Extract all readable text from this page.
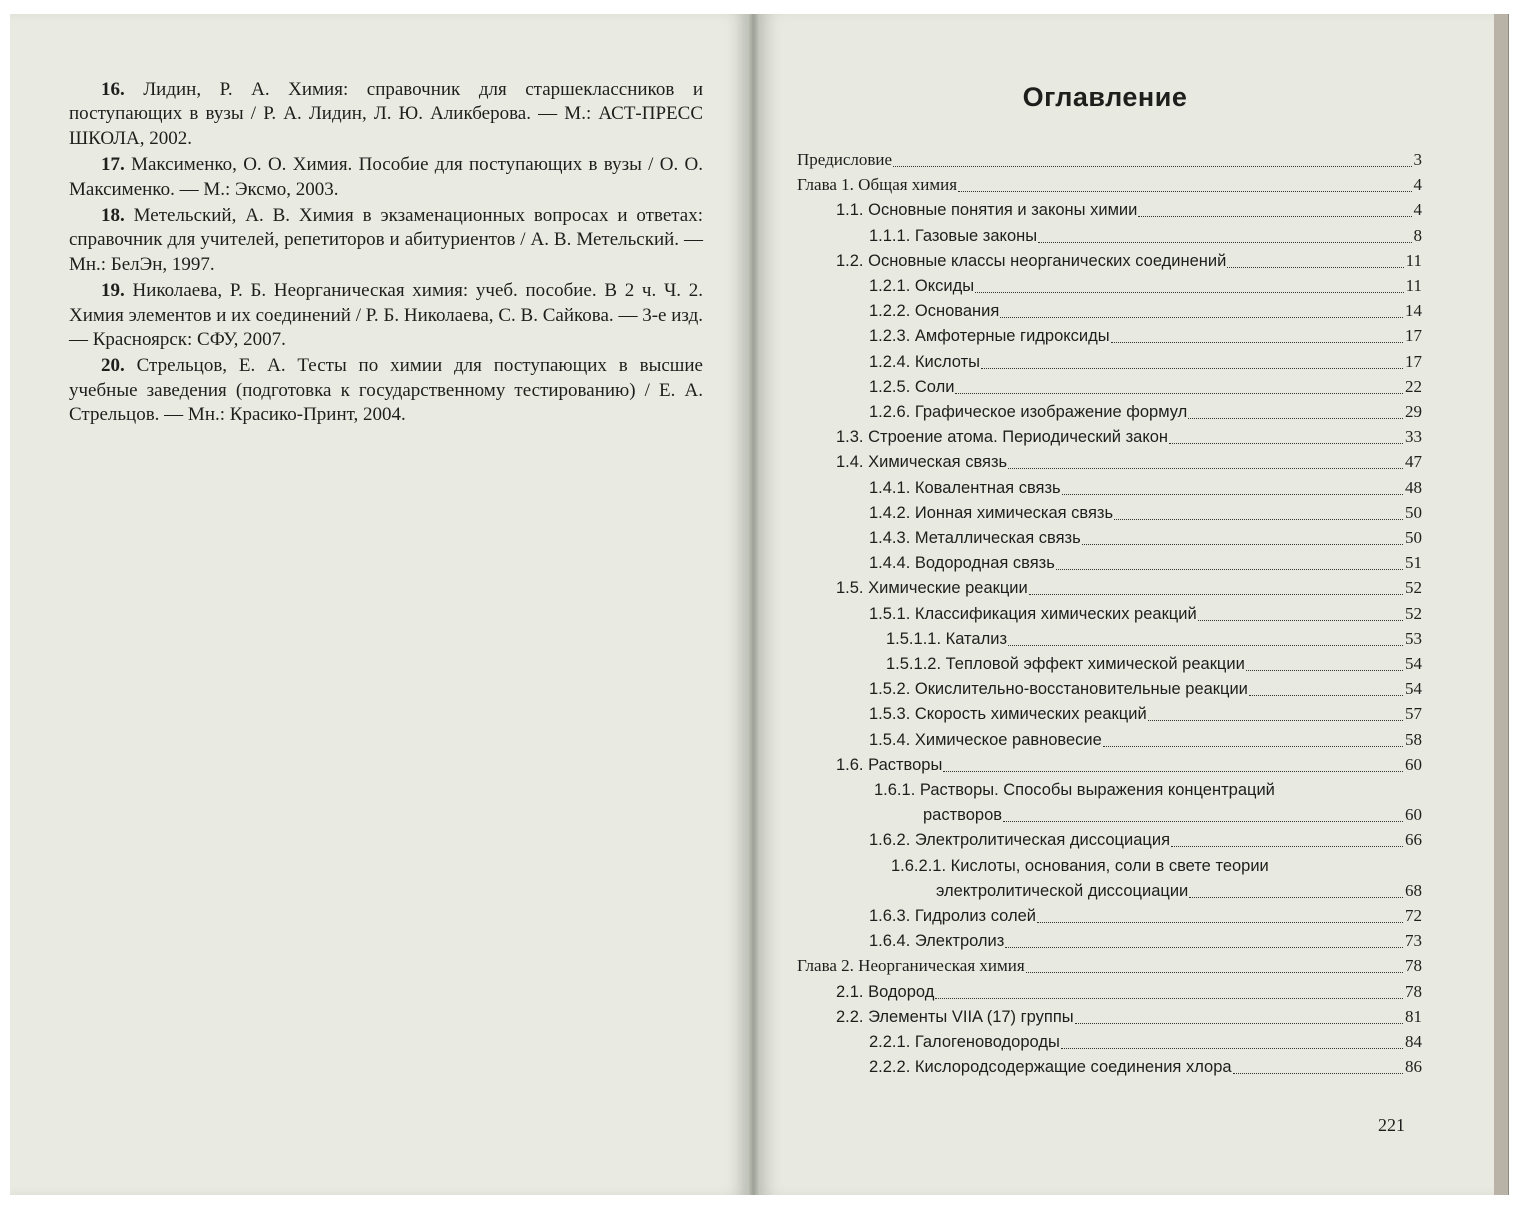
16. Лидин, Р. А. Химия: справочник для старшеклассников и поступающих в вузы / Р. А. Лидин, Л. Ю. Аликберова. — М.: АСТ-ПРЕСС ШКОЛА, 2002.

17. Максименко, О. О. Химия. Пособие для поступающих в вузы / О. О. Максименко. — М.: Эксмо, 2003.

18. Метельский, А. В. Химия в экзаменационных вопросах и ответах: справочник для учителей, репетиторов и абитуриентов / А. В. Метельский. — Мн.: БелЭн, 1997.

19. Николаева, Р. Б. Неорганическая химия: учеб. пособие. В 2 ч. Ч. 2. Химия элементов и их соединений / Р. Б. Николаева, С. В. Сайкова. — 3-е изд. — Красноярск: СФУ, 2007.

20. Стрельцов, Е. А. Тесты по химии для поступающих в высшие учебные заведения (подготовка к государственному тестированию) / Е. А. Стрельцов. — Мн.: Красико-Принт, 2004.

Оглавление
Предисловие	3
Глава 1. Общая химия	4
1.1. Основные понятия и законы химии	4
1.1.1. Газовые законы	8
1.2. Основные классы неорганических соединений	11
1.2.1. Оксиды	11
1.2.2. Основания	14
1.2.3. Амфотерные гидроксиды	17
1.2.4. Кислоты	17
1.2.5. Соли	22
1.2.6. Графическое изображение формул	29
1.3. Строение атома. Периодический закон	33
1.4. Химическая связь	47
1.4.1. Ковалентная связь	48
1.4.2. Ионная химическая связь	50
1.4.3. Металлическая связь	50
1.4.4. Водородная связь	51
1.5. Химические реакции	52
1.5.1. Классификация химических реакций	52
1.5.1.1. Катализ	53
1.5.1.2. Тепловой эффект химической реакции	54
1.5.2. Окислительно-восстановительные реакции	54
1.5.3. Скорость химических реакций	57
1.5.4. Химическое равновесие	58
1.6. Растворы	60
1.6.1. Растворы. Способы выражения концентраций
растворов	60
1.6.2. Электролитическая диссоциация	66
1.6.2.1. Кислоты, основания, соли в свете теории
электролитической диссоциации	68
1.6.3. Гидролиз солей	72
1.6.4. Электролиз	73
Глава 2. Неорганическая химия	78
2.1. Водород	78
2.2. Элементы VIIA (17) группы	81
2.2.1. Галогеноводороды	84
2.2.2. Кислородсодержащие соединения хлора	86
221
